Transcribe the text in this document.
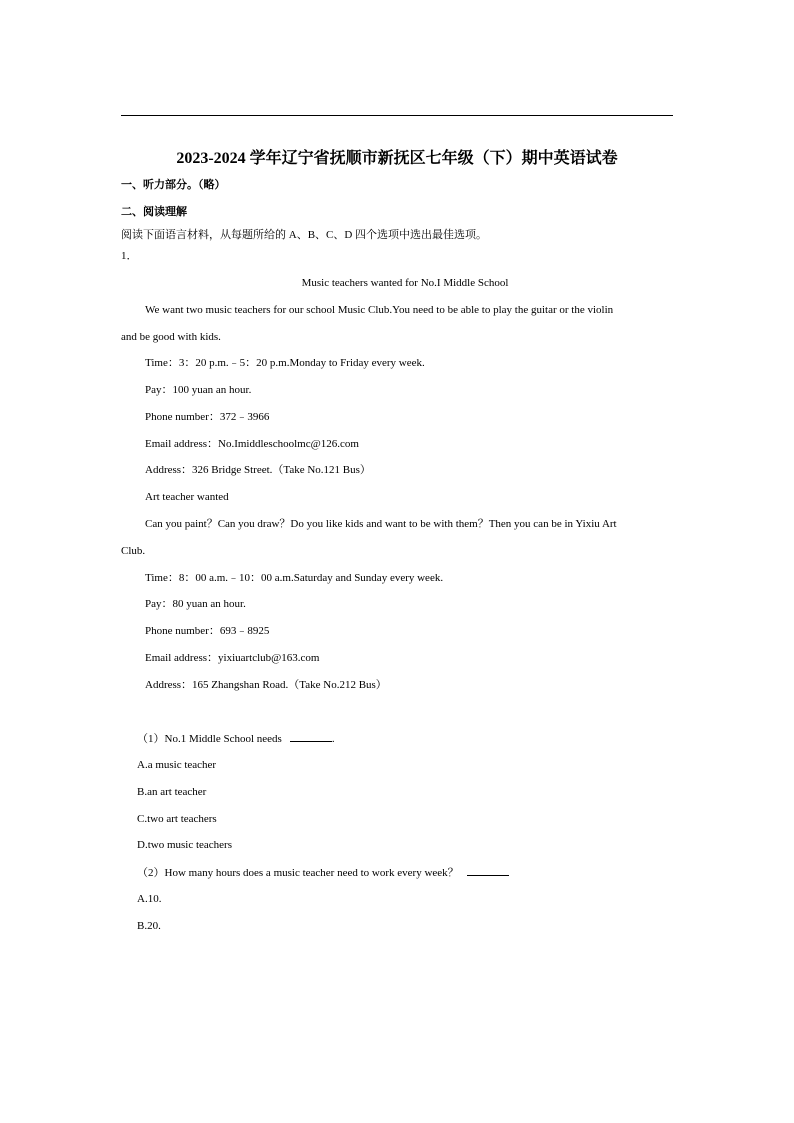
2023-2024 学年辽宁省抚顺市新抚区七年级（下）期中英语试卷
一、听力部分。（略）
二、阅读理解
阅读下面语言材料，从每题所给的 A、B、C、D 四个选项中选出最佳选项。
1．
Music teachers wanted for No.I Middle School
We want two music teachers for our school Music Club.You need to be able to play the guitar or the violin
and be good with kids.
Time：3：20 p.m.﹣5：20 p.m.Monday to Friday every week.
Pay：100 yuan an hour.
Phone number：372﹣3966
Email address：No.Imiddleschoolmc@126.com
Address：326 Bridge Street.（Take No.121 Bus）
Art teacher wanted
Can you paint？Can you draw？Do you like kids and want to be with them？Then you can be in Yixiu Art
Club.
Time：8：00 a.m.﹣10：00 a.m.Saturday and Sunday every week.
Pay：80 yuan an hour.
Phone number：693﹣8925
Email address：yixiuartclub@163.com
Address：165 Zhangshan Road.（Take No.212 Bus）
（1）No.1 Middle School needs	.
A.a music teacher
B.an art teacher
C.two art teachers
D.two music teachers
（2）How many hours does a music teacher need to work every week？
A.10.
B.20.
